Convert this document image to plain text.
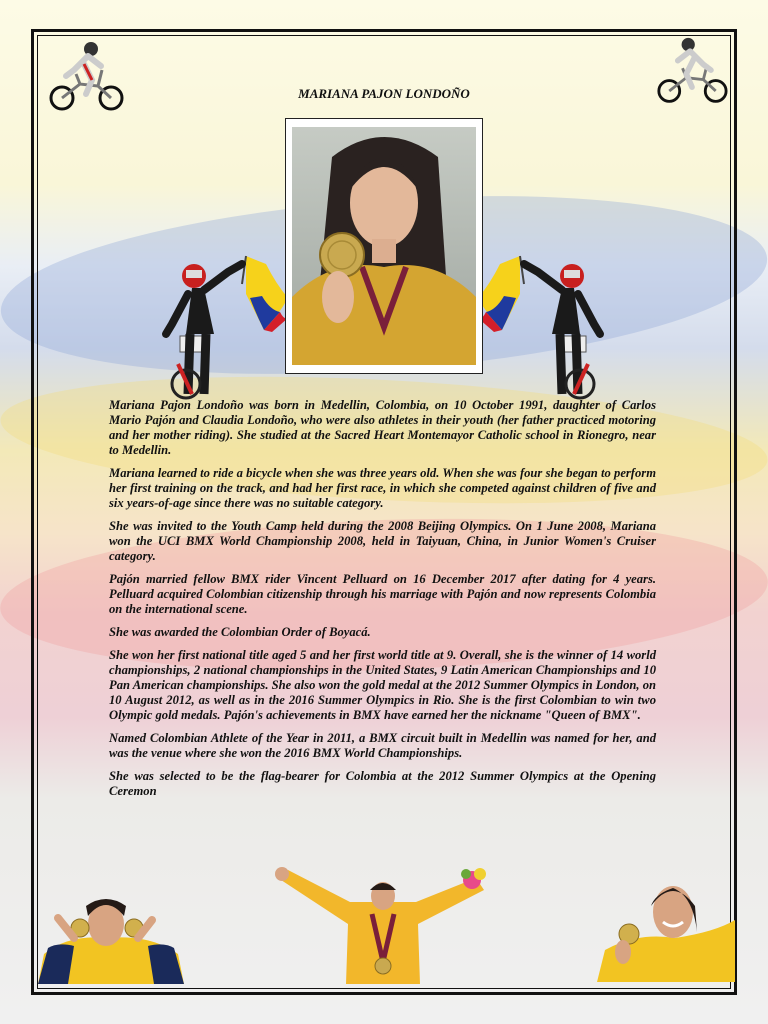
MARIANA PAJON LONDOÑO

Mariana Pajon Londoño was born in Medellin, Colombia, on 10 October 1991, daughter of Carlos Mario Pajón and Claudia Londoño, who were also athletes in their youth (her father practiced motoring and her mother riding). She studied at the Sacred Heart Montemayor Catholic school in Rionegro, near to Medellin.

Mariana learned to ride a bicycle when she was three years old. When she was four she began to perform her first training on the track, and had her first race, in which she competed against children of five and six years-of-age since there was no suitable category.

She was invited to the Youth Camp held during the 2008 Beijing Olympics. On 1 June 2008, Mariana won the UCI BMX World Championship 2008, held in Taiyuan, China, in Junior Women's Cruiser category.

Pajón married fellow BMX rider Vincent Pelluard on 16 December 2017 after dating for 4 years. Pelluard acquired Colombian citizenship through his marriage with Pajón and now represents Colombia on the international scene.

She was awarded the Colombian Order of Boyacá.

She won her first national title aged 5 and her first world title at 9. Overall, she is the winner of 14 world championships, 2 national championships in the United States, 9 Latin American Championships and 10 Pan American championships. She also won the gold medal at the 2012 Summer Olympics in London, on 10 August 2012, as well as in the 2016 Summer Olympics in Rio. She is the first Colombian to win two Olympic gold medals. Pajón's achievements in BMX have earned her the nickname "Queen of BMX".

Named Colombian Athlete of the Year in 2011, a BMX circuit built in Medellin was named for her, and was the venue where she won the 2016 BMX World Championships.

She was selected to be the flag-bearer for Colombia at the 2012 Summer Olympics at the Opening Ceremon
